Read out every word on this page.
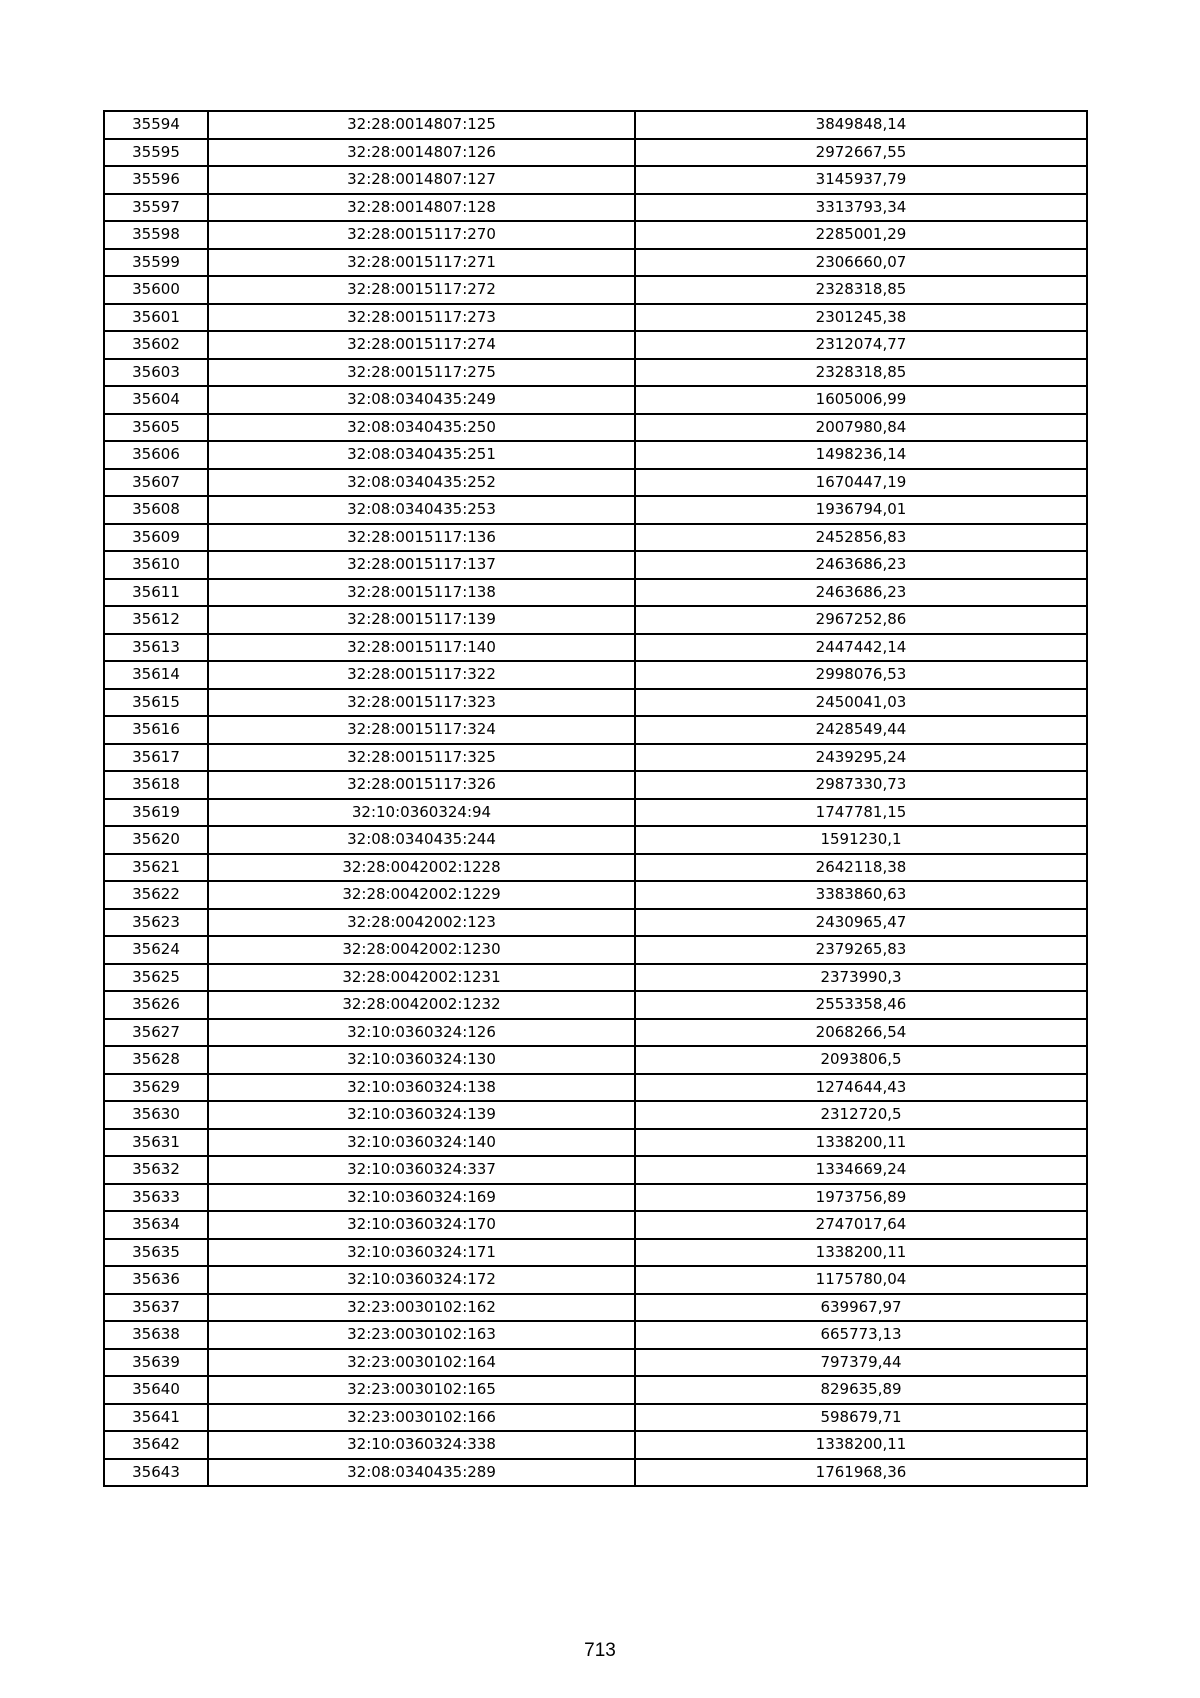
35594	32:28:0014807:125	3849848,14
35595	32:28:0014807:126	2972667,55
35596	32:28:0014807:127	3145937,79
35597	32:28:0014807:128	3313793,34
35598	32:28:0015117:270	2285001,29
35599	32:28:0015117:271	2306660,07
35600	32:28:0015117:272	2328318,85
35601	32:28:0015117:273	2301245,38
35602	32:28:0015117:274	2312074,77
35603	32:28:0015117:275	2328318,85
35604	32:08:0340435:249	1605006,99
35605	32:08:0340435:250	2007980,84
35606	32:08:0340435:251	1498236,14
35607	32:08:0340435:252	1670447,19
35608	32:08:0340435:253	1936794,01
35609	32:28:0015117:136	2452856,83
35610	32:28:0015117:137	2463686,23
35611	32:28:0015117:138	2463686,23
35612	32:28:0015117:139	2967252,86
35613	32:28:0015117:140	2447442,14
35614	32:28:0015117:322	2998076,53
35615	32:28:0015117:323	2450041,03
35616	32:28:0015117:324	2428549,44
35617	32:28:0015117:325	2439295,24
35618	32:28:0015117:326	2987330,73
35619	32:10:0360324:94	1747781,15
35620	32:08:0340435:244	1591230,1
35621	32:28:0042002:1228	2642118,38
35622	32:28:0042002:1229	3383860,63
35623	32:28:0042002:123	2430965,47
35624	32:28:0042002:1230	2379265,83
35625	32:28:0042002:1231	2373990,3
35626	32:28:0042002:1232	2553358,46
35627	32:10:0360324:126	2068266,54
35628	32:10:0360324:130	2093806,5
35629	32:10:0360324:138	1274644,43
35630	32:10:0360324:139	2312720,5
35631	32:10:0360324:140	1338200,11
35632	32:10:0360324:337	1334669,24
35633	32:10:0360324:169	1973756,89
35634	32:10:0360324:170	2747017,64
35635	32:10:0360324:171	1338200,11
35636	32:10:0360324:172	1175780,04
35637	32:23:0030102:162	639967,97
35638	32:23:0030102:163	665773,13
35639	32:23:0030102:164	797379,44
35640	32:23:0030102:165	829635,89
35641	32:23:0030102:166	598679,71
35642	32:10:0360324:338	1338200,11
35643	32:08:0340435:289	1761968,36
713
